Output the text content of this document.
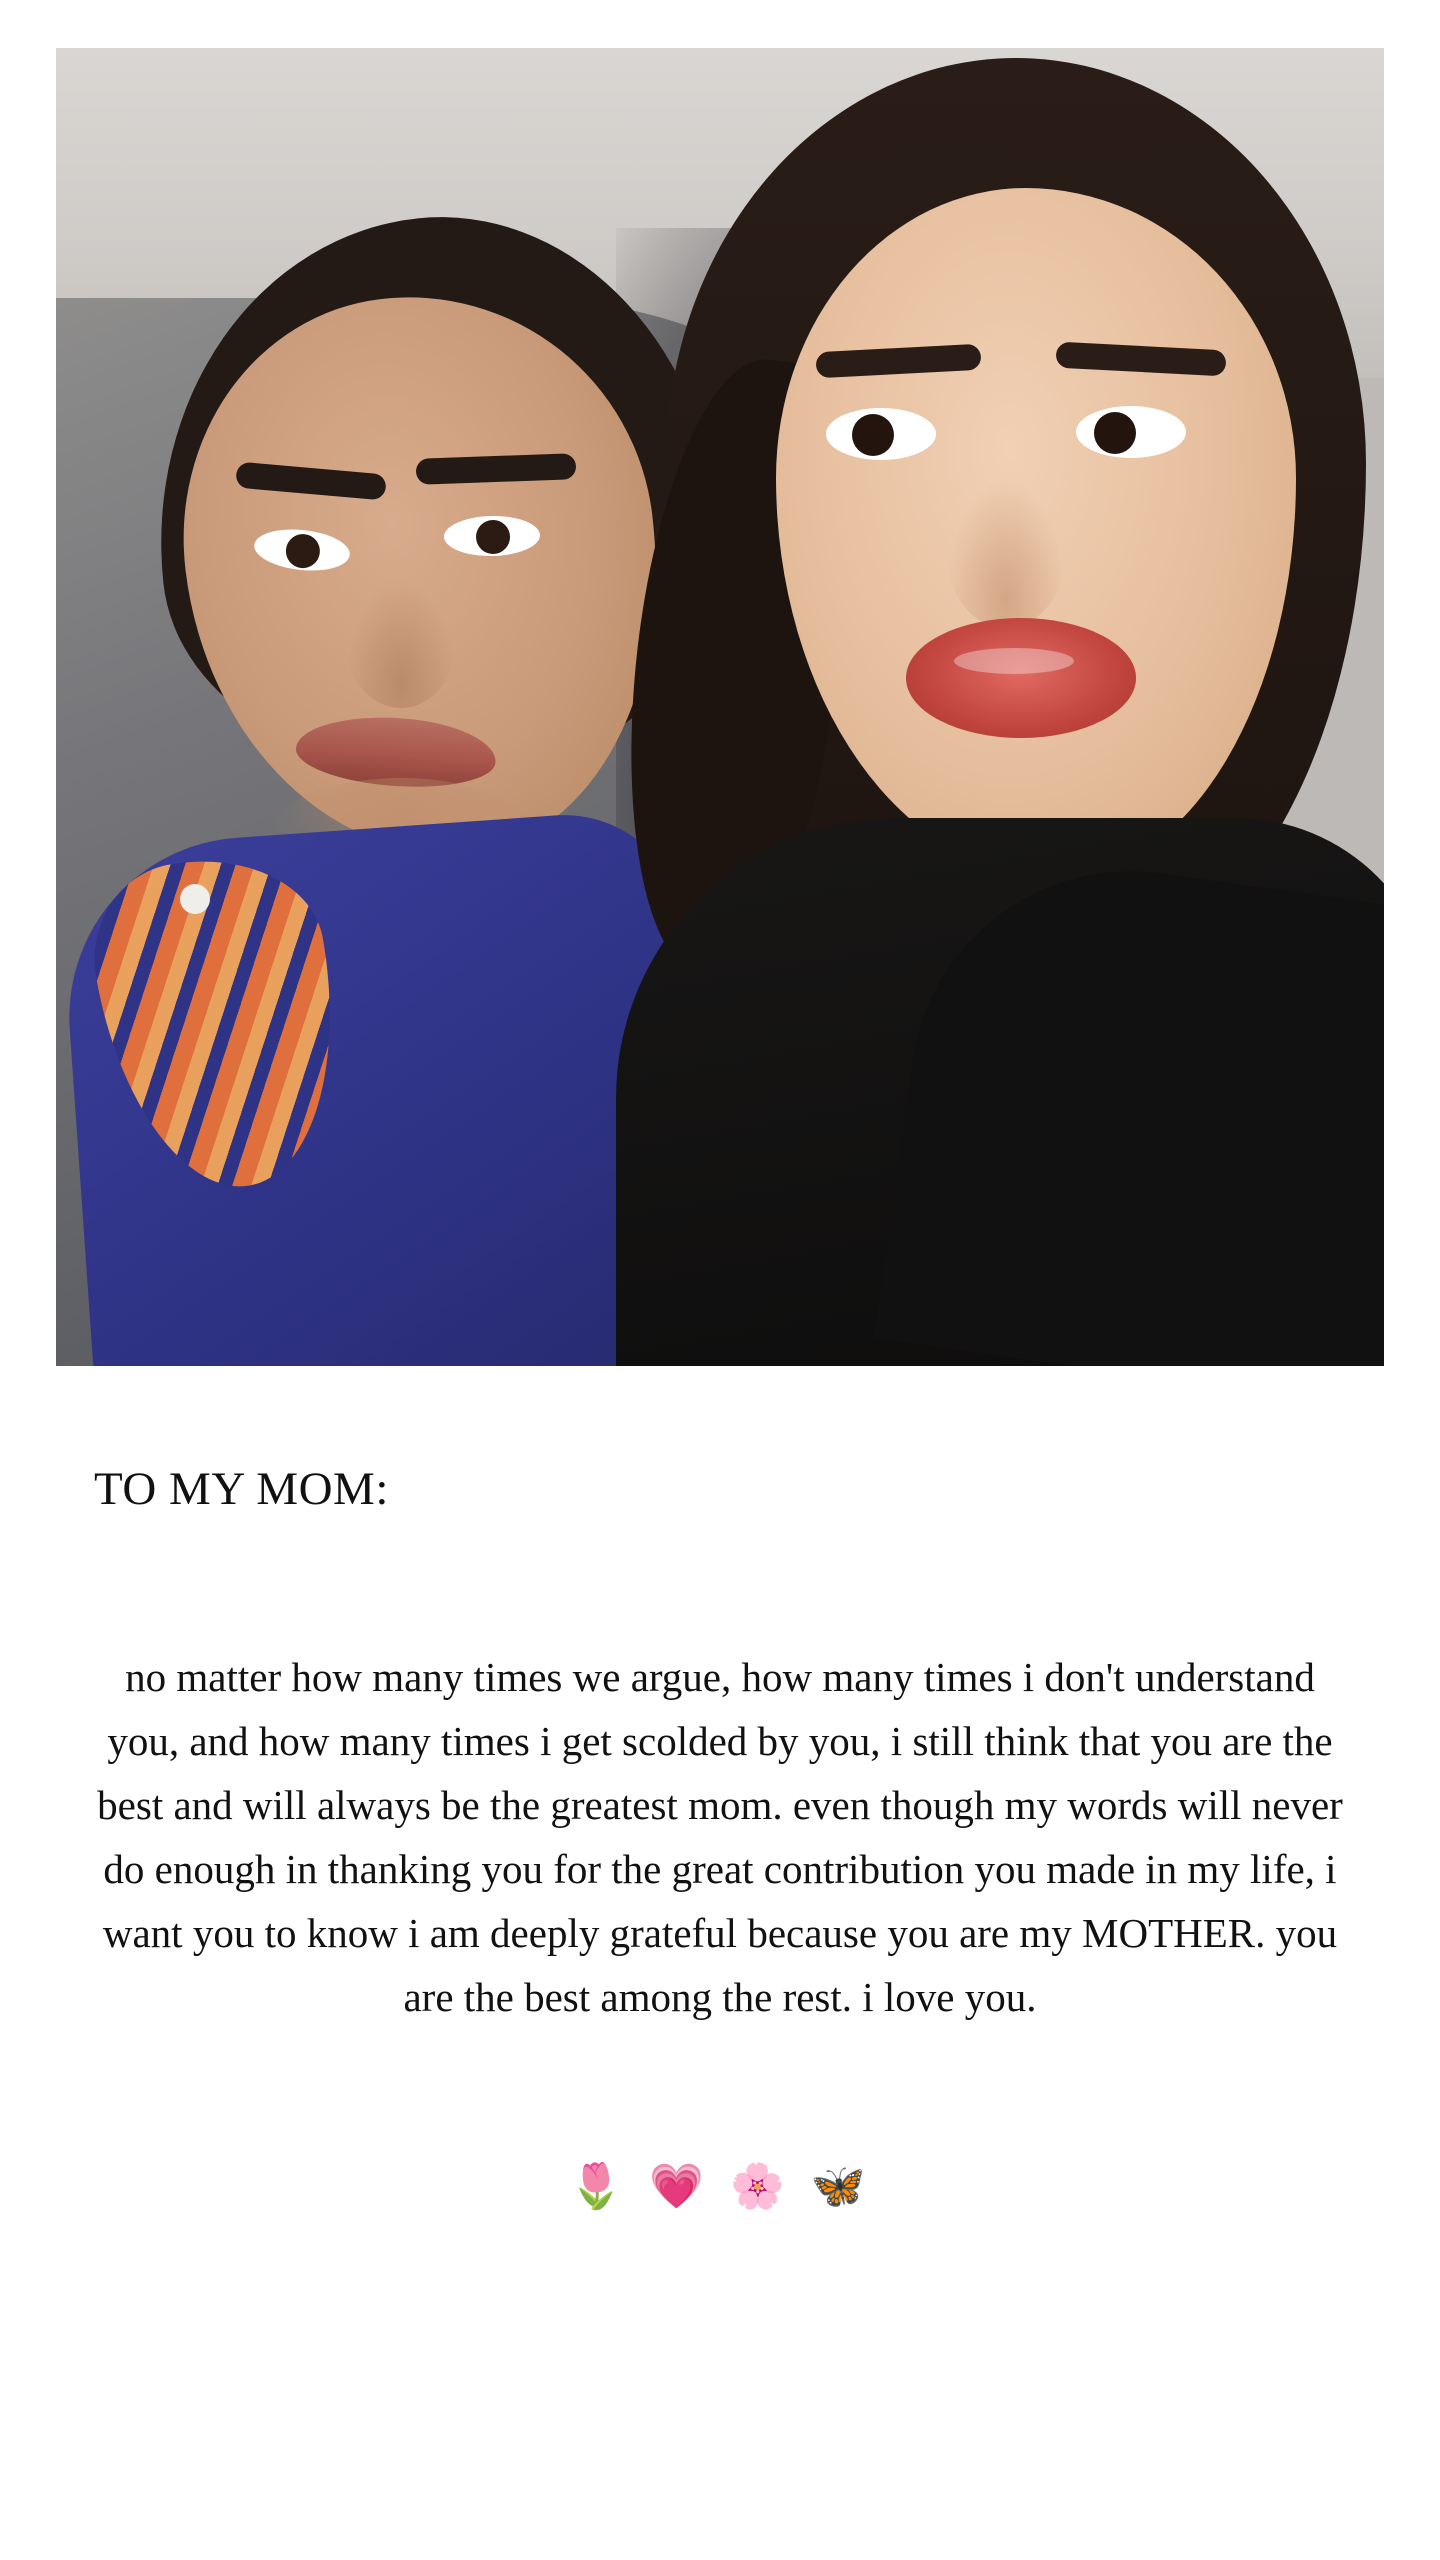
TO MY MOM:
no matter how many times we argue, how many times i don't understand you, and how many times i get scolded by you, i still think that you are the best and will always be the greatest mom. even though my words will never do enough in thanking you for the great contribution you made in my life, i want you to know i am deeply grateful because you are my MOTHER. you are the best among the rest. i love you.
🌷 💗 🌸 🦋
